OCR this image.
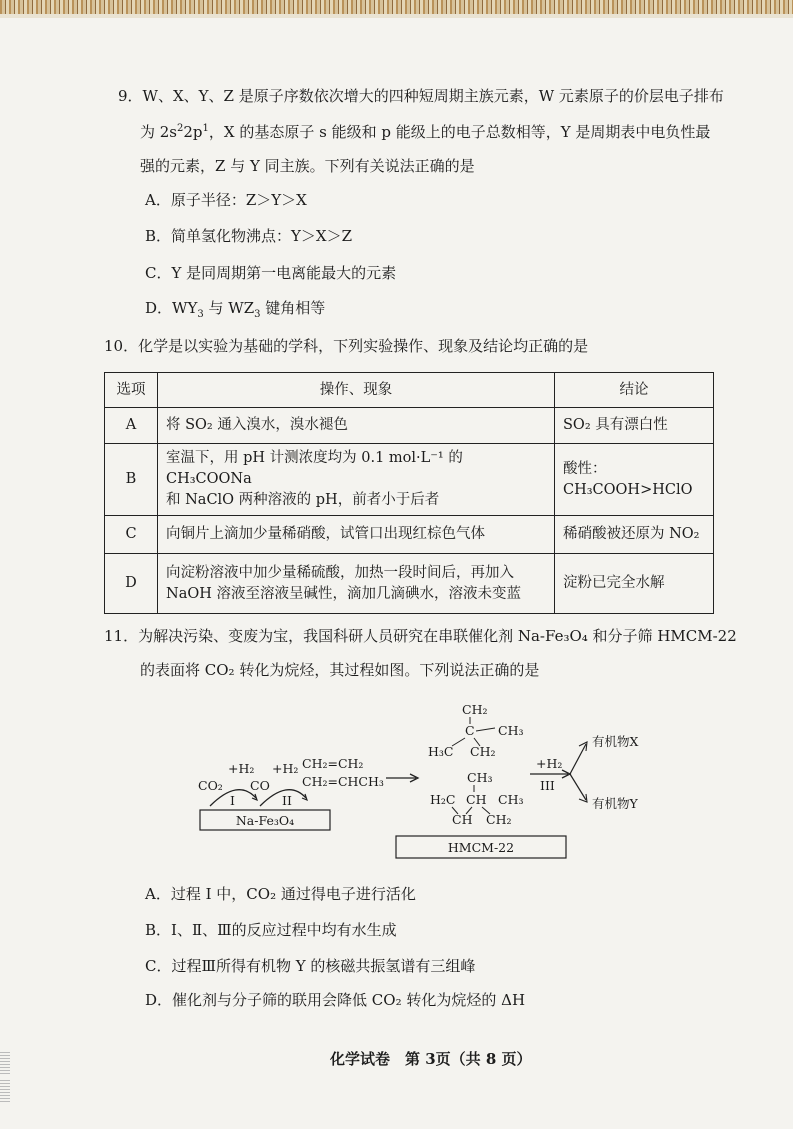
9．W、X、Y、Z 是原子序数依次增大的四种短周期主族元素，W 元素原子的价层电子排布
为 $2s^22p^1$，X 的基态原子 s 能级和 p 能级上的电子总数相等，Y 是周期表中电负性最
强的元素，Z 与 Y 同主族。下列有关说法正确的是
A．原子半径：Z＞Y＞X
B．简单氢化物沸点：Y＞X＞Z
C．Y 是同周期第一电离能最大的元素
D．$WY_3$ 与 $WZ_3$ 键角相等
10．化学是以实验为基础的学科，下列实验操作、现象及结论均正确的是
选项	操作、现象	结论
A	将 SO₂ 通入溴水，溴水褪色	SO₂ 具有漂白性
B	室温下，用 pH 计测浓度均为 0.1 mol·L⁻¹ 的 CH₃COONa
和 NaClO 两种溶液的 pH，前者小于后者	酸性：CH₃COOH>HClO
C	向铜片上滴加少量稀硝酸，试管口出现红棕色气体	稀硝酸被还原为 NO₂
D	向淀粉溶液中加少量稀硫酸，加热一段时间后，再加入
NaOH 溶液至溶液呈碱性，滴加几滴碘水，溶液未变蓝	淀粉已完全水解
11．为解决污染、变废为宝，我国科研人员研究在串联催化剂 Na-Fe₃O₄ 和分子筛 HMCM-22
的表面将 CO₂ 转化为烷烃，其过程如图。下列说法正确的是
Na-Fe₃O₄
CO₂
+H₂
CO
+H₂
I	II
CH₂=CH₂
CH₂=CHCH₃
CH₂
C CH₃
H₃C CH₂
CH₃
H₂C CH CH₃
CH CH₂
HMCM-22
+H₂
III
有机物X
有机物Y
A．过程 I 中，CO₂ 通过得电子进行活化
B．Ⅰ、Ⅱ、Ⅲ的反应过程中均有水生成
C．过程Ⅲ所得有机物 Y 的核磁共振氢谱有三组峰
D．催化剂与分子筛的联用会降低 CO₂ 转化为烷烃的 ΔH
化学试卷　第 3页（共 8 页）
